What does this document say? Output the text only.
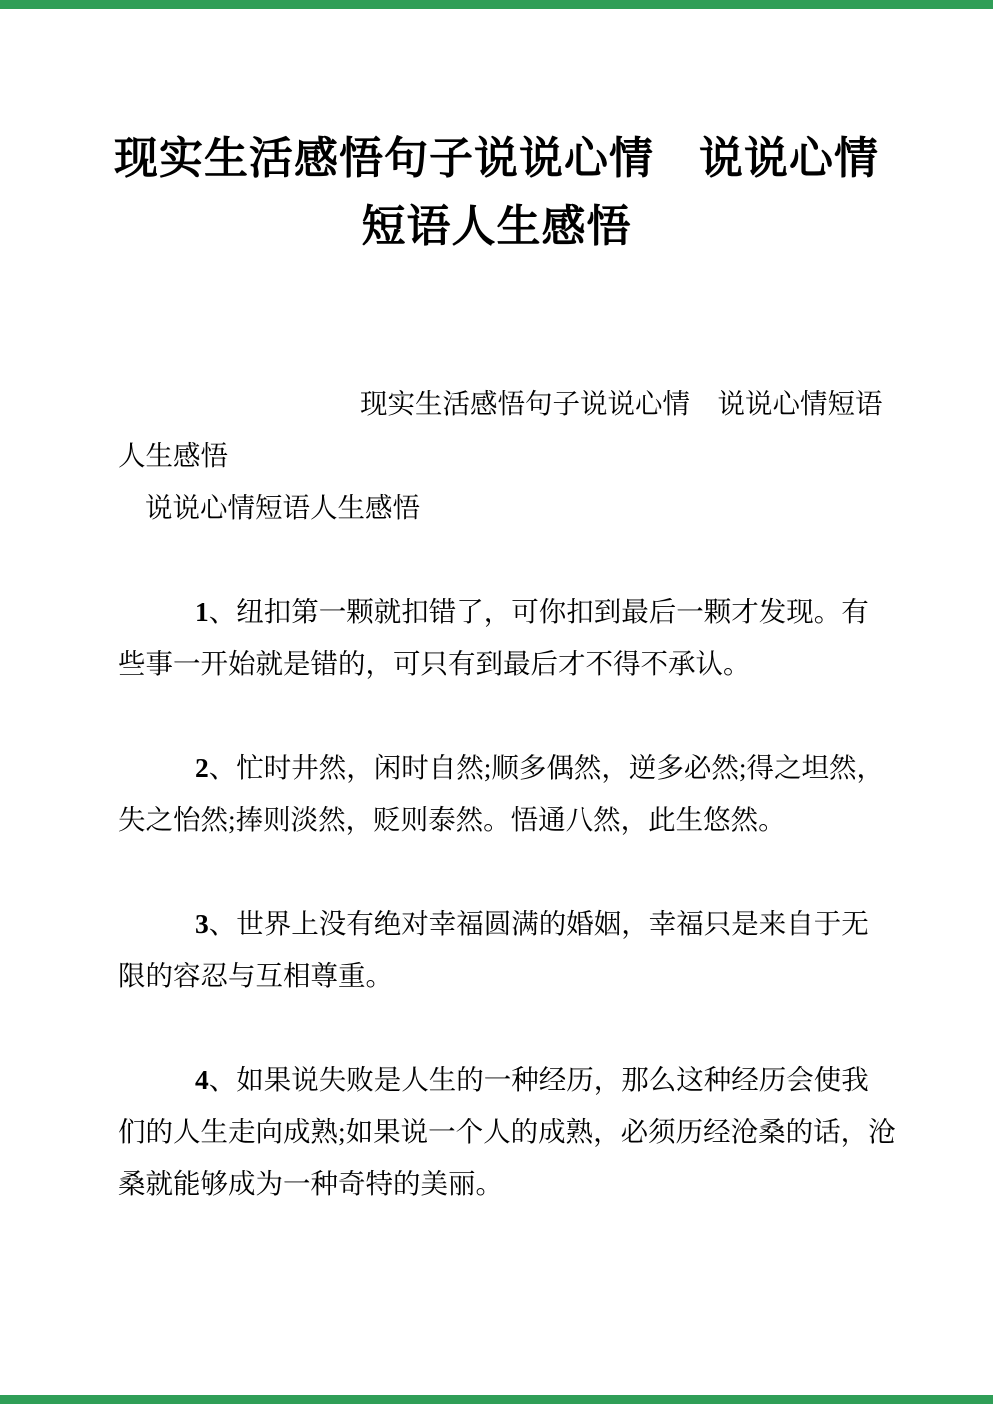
现实生活感悟句子说说心情　说说心情
短语人生感悟
现实生活感悟句子说说心情　说说心情短语
人生感悟
说说心情短语人生感悟
1、纽扣第一颗就扣错了，可你扣到最后一颗才发现。有
些事一开始就是错的，可只有到最后才不得不承认。
2、忙时井然，闲时自然;顺多偶然，逆多必然;得之坦然，
失之怡然;捧则淡然，贬则泰然。悟通八然，此生悠然。
3、世界上没有绝对幸福圆满的婚姻，幸福只是来自于无
限的容忍与互相尊重。
4、如果说失败是人生的一种经历，那么这种经历会使我
们的人生走向成熟;如果说一个人的成熟，必须历经沧桑的话，沧
桑就能够成为一种奇特的美丽。
